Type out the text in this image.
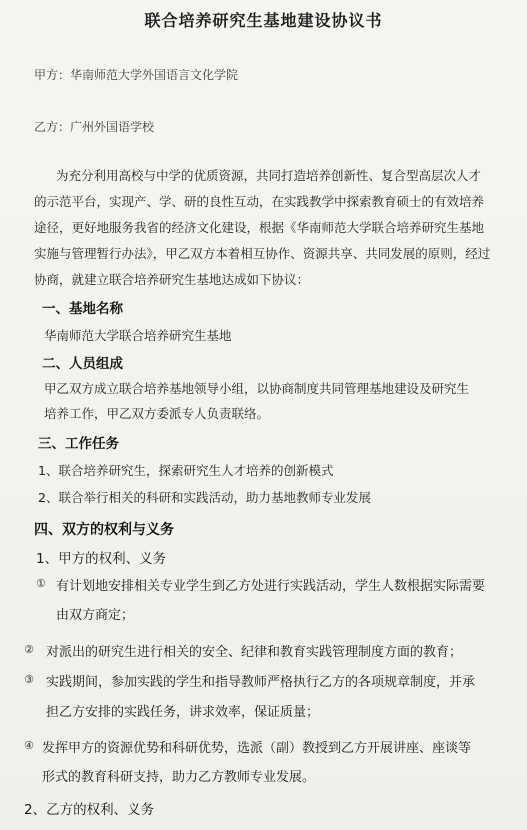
联合培养研究生基地建设协议书
甲方：华南师范大学外国语言文化学院
乙方：广州外国语学校
为充分利用高校与中学的优质资源，共同打造培养创新性、复合型高层次人才
的示范平台，实现产、学、研的良性互动，在实践教学中探索教育硕士的有效培养
途径，更好地服务我省的经济文化建设，根据《华南师范大学联合培养研究生基地
实施与管理暂行办法》，甲乙双方本着相互协作、资源共享、共同发展的原则，经过
协商，就建立联合培养研究生基地达成如下协议：
一、基地名称
华南师范大学联合培养研究生基地
二、人员组成
甲乙双方成立联合培养基地领导小组，以协商制度共同管理基地建设及研究生
培养工作，甲乙双方委派专人负责联络。
三、工作任务
1、联合培养研究生，探索研究生人才培养的创新模式
2、联合举行相关的科研和实践活动，助力基地教师专业发展
四、双方的权利与义务
1、甲方的权利、义务
① 有计划地安排相关专业学生到乙方处进行实践活动，学生人数根据实际需要
由双方商定；
② 对派出的研究生进行相关的安全、纪律和教育实践管理制度方面的教育；
③ 实践期间，参加实践的学生和指导教师严格执行乙方的各项规章制度，并承
担乙方安排的实践任务，讲求效率，保证质量；
④ 发挥甲方的资源优势和科研优势，选派（副）教授到乙方开展讲座、座谈等
形式的教育科研支持，助力乙方教师专业发展。
2、乙方的权利、义务
